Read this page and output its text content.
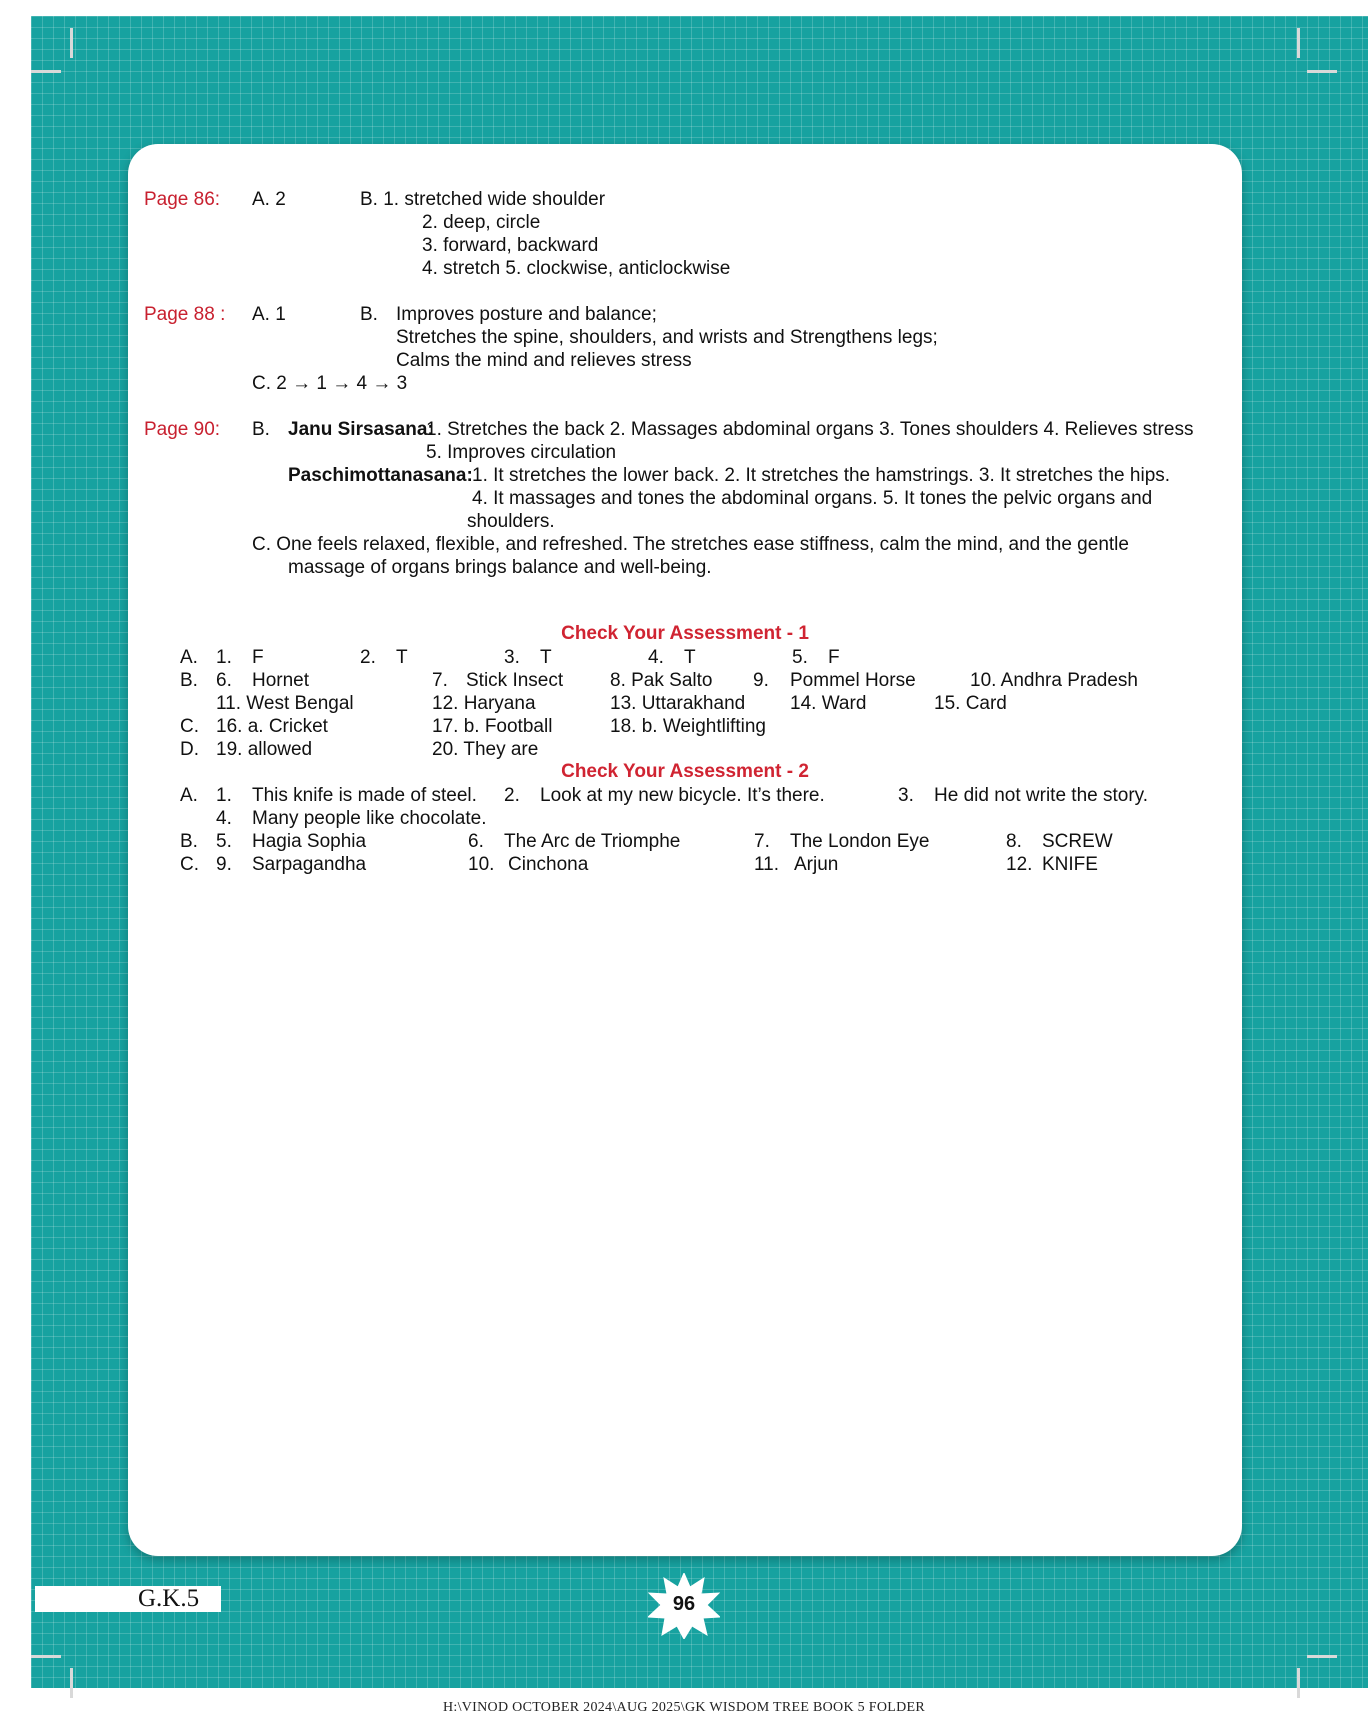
Page 86: A. 2	B. 1. stretched wide shoulder
2. deep, circle
3. forward, backward
4. stretch 5. clockwise, anticlockwise
Page 88 : A. 1	B. Improves posture and balance;
Stretches the spine, shoulders, and wrists and Strengthens legs;
Calms the mind and relieves stress
C. 2 → 1 → 4 → 3
Page 90: B. Janu Sirsasana:
1. Stretches the back 2. Massages abdominal organs 3. Tones shoulders 4. Relieves stress
5. Improves circulation
Paschimottanasana: 1. It stretches the lower back. 2. It stretches the hamstrings. 3. It stretches the hips.
4. It massages and tones the abdominal organs. 5. It tones the pelvic organs and
shoulders.
C. One feels relaxed, flexible, and refreshed. The stretches ease stiffness, calm the mind, and the gentle
massage of organs brings balance and well-being.
Check Your Assessment - 1
A. 1. F	2. T	3. T	4. T	5. F
B. 6. Hornet	7. Stick Insect 8. Pak Salto 9. Pommel Horse	10. Andhra Pradesh
11. West Bengal	12. Haryana	13. Uttarakhand 14. Ward	15. Card
C. 16. a. Cricket	17. b. Football	18. b. Weightlifting
D. 19. allowed	20. They are
Check Your Assessment - 2
A. 1. This knife is made of steel. 2. Look at my new bicycle. It’s there.	3. He did not write the story.
4. Many people like chocolate.
B. 5. Hagia Sophia	6. The Arc de Triomphe	7. The London Eye	8. SCREW
C. 9. Sarpagandha	10. Cinchona	11. Arjun	12. KNIFE
G.K.5	96
H:\VINOD OCTOBER 2024\AUG 2025\GK WISDOM TREE BOOK 5 FOLDER
